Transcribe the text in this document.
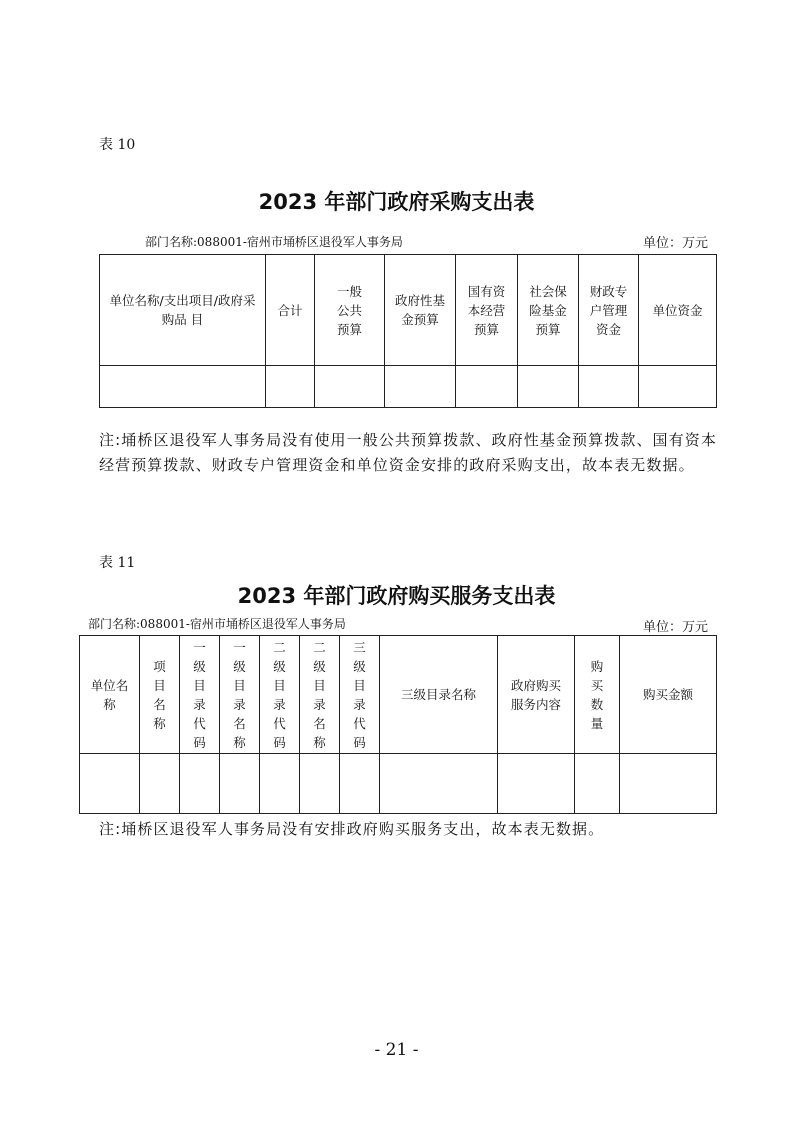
表 10
2023 年部门政府采购支出表
部门名称:088001-宿州市埇桥区退役军人事务局	单位：万元
单位名称/支出项目/政府采购品 目	合计	一般公共预算	政府性基金预算	国有资本经营预算	社会保险基金预算	财政专户管理资金	单位资金

注:埇桥区退役军人事务局没有使用一般公共预算拨款、政府性基金预算拨款、国有资本经营预算拨款、财政专户管理资金和单位资金安排的政府采购支出，故本表无数据。
表 11
2023 年部门政府购买服务支出表
部门名称:088001-宿州市埇桥区退役军人事务局	单位：万元
单位名称	项目名称	一级目录代码	一级目录名称	二级目录代码	二级目录名称	三级目录代码	三级目录名称	政府购买服务内容	购买数量	购买金额

注:埇桥区退役军人事务局没有安排政府购买服务支出，故本表无数据。
- 21 -
